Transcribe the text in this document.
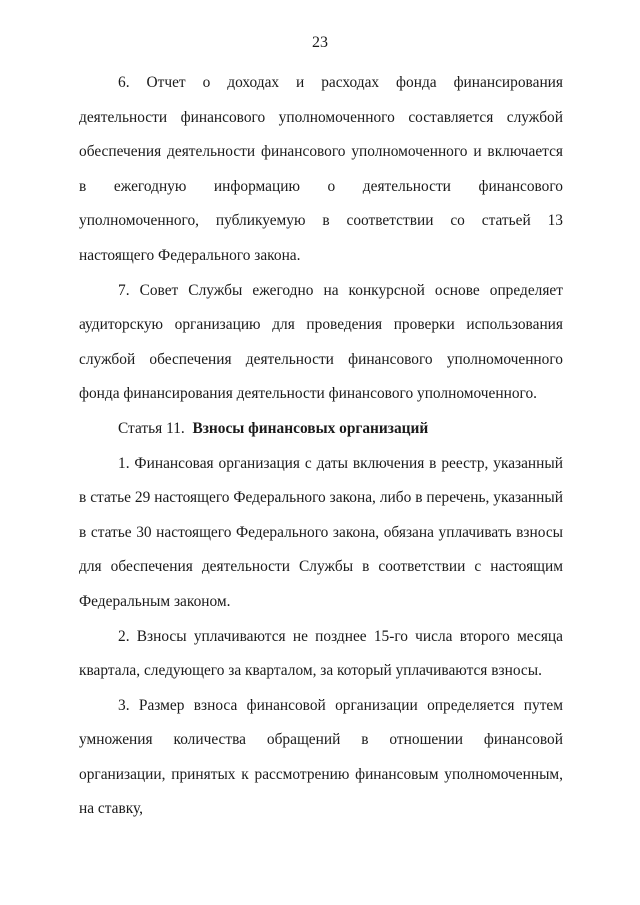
23

6. Отчет о доходах и расходах фонда финансирования деятельности финансового уполномоченного составляется службой обеспечения деятельности финансового уполномоченного и включается в ежегодную информацию о деятельности финансового уполномоченного, публикуемую в соответствии со статьей 13 настоящего Федерального закона.

7. Совет Службы ежегодно на конкурсной основе определяет аудиторскую организацию для проведения проверки использования службой обеспечения деятельности финансового уполномоченного фонда финансирования деятельности финансового уполномоченного.

Статья 11. Взносы финансовых организаций

1. Финансовая организация с даты включения в реестр, указанный в статье 29 настоящего Федерального закона, либо в перечень, указанный в статье 30 настоящего Федерального закона, обязана уплачивать взносы для обеспечения деятельности Службы в соответствии с настоящим Федеральным законом.

2. Взносы уплачиваются не позднее 15-го числа второго месяца квартала, следующего за кварталом, за который уплачиваются взносы.

3. Размер взноса финансовой организации определяется путем умножения количества обращений в отношении финансовой организации, принятых к рассмотрению финансовым уполномоченным, на ставку,
